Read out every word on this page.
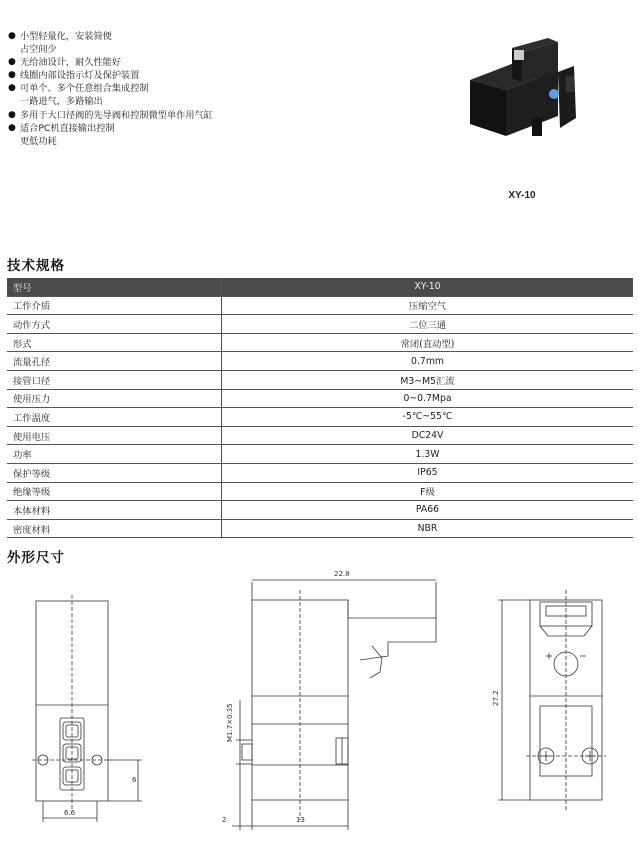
● 小型轻量化，安装简便
占空间少
● 无给油设计，耐久性能好
● 线圈内部设指示灯及保护装置
● 可单个、多个任意组合集成控制
一路进气，多路输出
● 多用于大口径阀的先导阀和控制微型单作用气缸
● 适合PC机直接输出控制
更低功耗
XY-10
技术规格
型号	XY-10
工作介质	压缩空气
动作方式	二位三通
形式	常闭(直动型)
流量孔径	0.7mm
接管口径	M3~M5汇流
使用压力	0~0.7Mpa
工作温度	-5℃~55℃
使用电压	DC24V
功率	1.3W
保护等级	IP65
绝缘等级	F级
本体材料	PA66
密度材料	NBR
外形尺寸
6
6.6
22.8
M1.7×0.35
2	13
27.2
